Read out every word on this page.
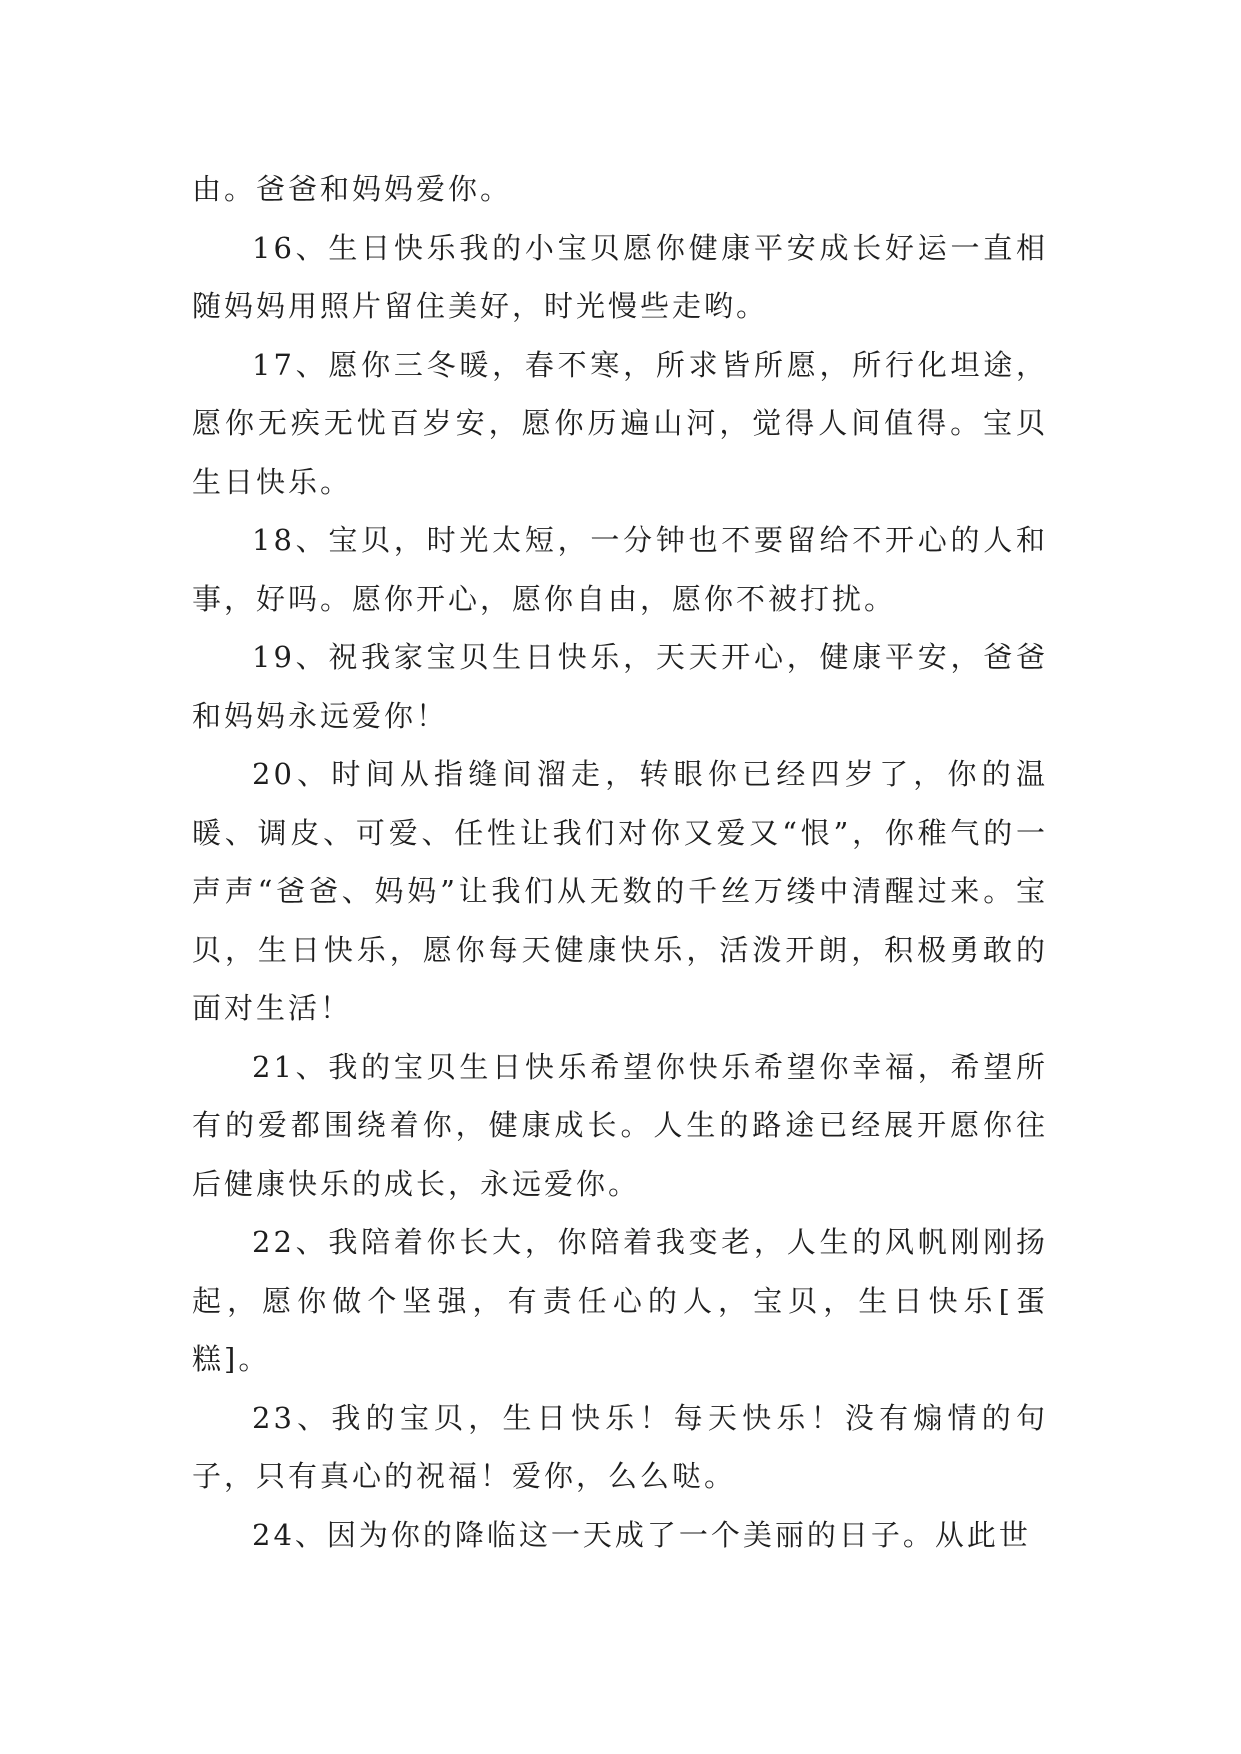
由。爸爸和妈妈爱你。

16、生日快乐我的小宝贝愿你健康平安成长好运一直相随妈妈用照片留住美好，时光慢些走哟。

17、愿你三冬暖，春不寒，所求皆所愿，所行化坦途，愿你无疾无忧百岁安，愿你历遍山河，觉得人间值得。宝贝生日快乐。

18、宝贝，时光太短，一分钟也不要留给不开心的人和事，好吗。愿你开心，愿你自由，愿你不被打扰。

19、祝我家宝贝生日快乐，天天开心，健康平安，爸爸和妈妈永远爱你！

20、时间从指缝间溜走，转眼你已经四岁了，你的温暖、调皮、可爱、任性让我们对你又爱又“恨”，你稚气的一声声“爸爸、妈妈”让我们从无数的千丝万缕中清醒过来。宝贝，生日快乐，愿你每天健康快乐，活泼开朗，积极勇敢的面对生活！

21、我的宝贝生日快乐希望你快乐希望你幸福，希望所有的爱都围绕着你，健康成长。人生的路途已经展开愿你往后健康快乐的成长，永远爱你。

22、我陪着你长大，你陪着我变老，人生的风帆刚刚扬起，愿你做个坚强，有责任心的人，宝贝，生日快乐[蛋糕]。

23、我的宝贝，生日快乐！每天快乐！没有煽情的句子，只有真心的祝福！爱你，么么哒。

24、因为你的降临这一天成了一个美丽的日子。从此世
